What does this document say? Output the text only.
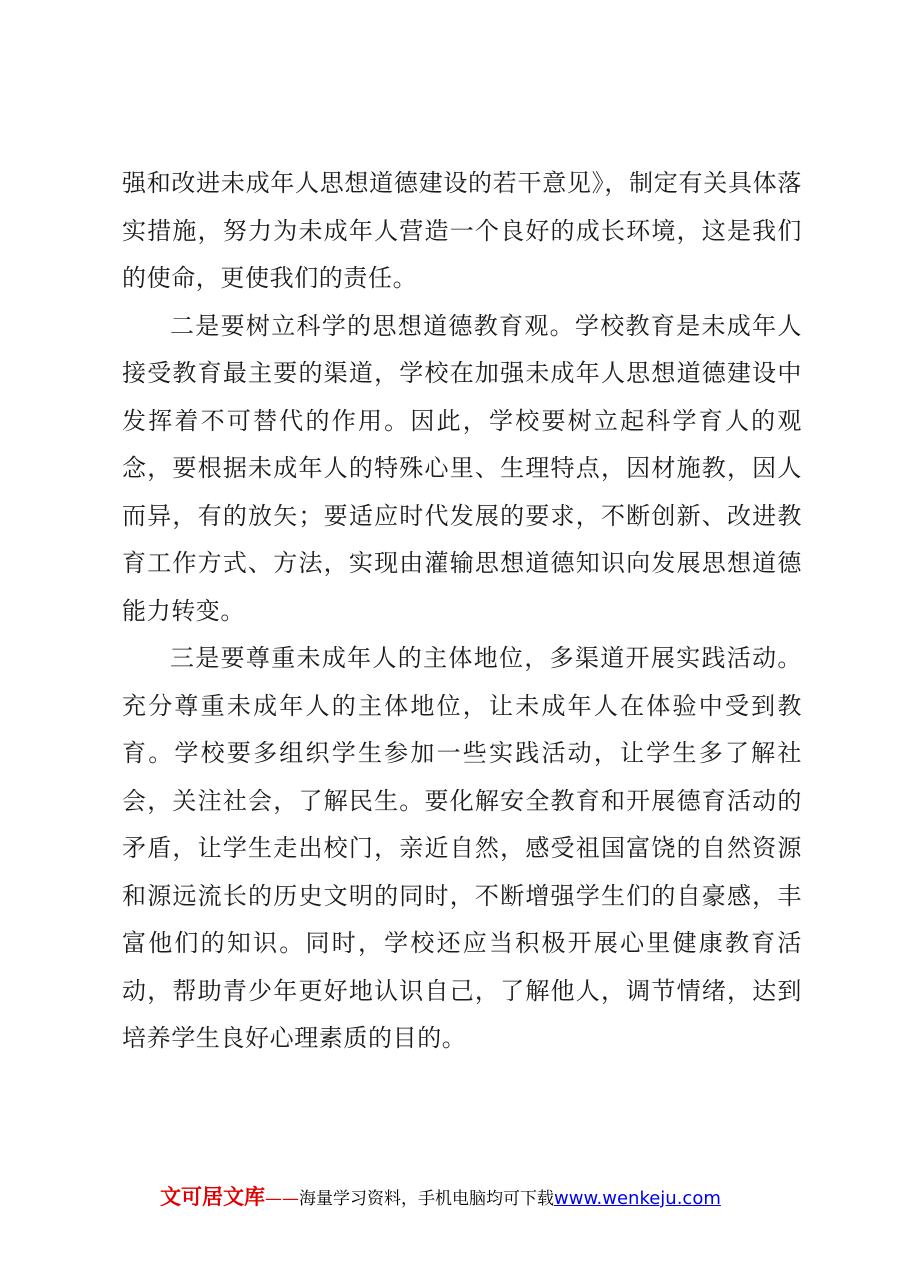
强和改进未成年人思想道德建设的若干意见》，制定有关具体落实措施，努力为未成年人营造一个良好的成长环境，这是我们的使命，更使我们的责任。

二是要树立科学的思想道德教育观。学校教育是未成年人接受教育最主要的渠道，学校在加强未成年人思想道德建设中发挥着不可替代的作用。因此，学校要树立起科学育人的观念，要根据未成年人的特殊心里、生理特点，因材施教，因人而异，有的放矢；要适应时代发展的要求，不断创新、改进教育工作方式、方法，实现由灌输思想道德知识向发展思想道德能力转变。

三是要尊重未成年人的主体地位，多渠道开展实践活动。充分尊重未成年人的主体地位，让未成年人在体验中受到教育。学校要多组织学生参加一些实践活动，让学生多了解社会，关注社会，了解民生。要化解安全教育和开展德育活动的矛盾，让学生走出校门，亲近自然，感受祖国富饶的自然资源和源远流长的历史文明的同时，不断增强学生们的自豪感，丰富他们的知识。同时，学校还应当积极开展心里健康教育活动，帮助青少年更好地认识自己，了解他人，调节情绪，达到培养学生良好心理素质的目的。

文可居文库——海量学习资料，手机电脑均可下载www.wenkeju.com
